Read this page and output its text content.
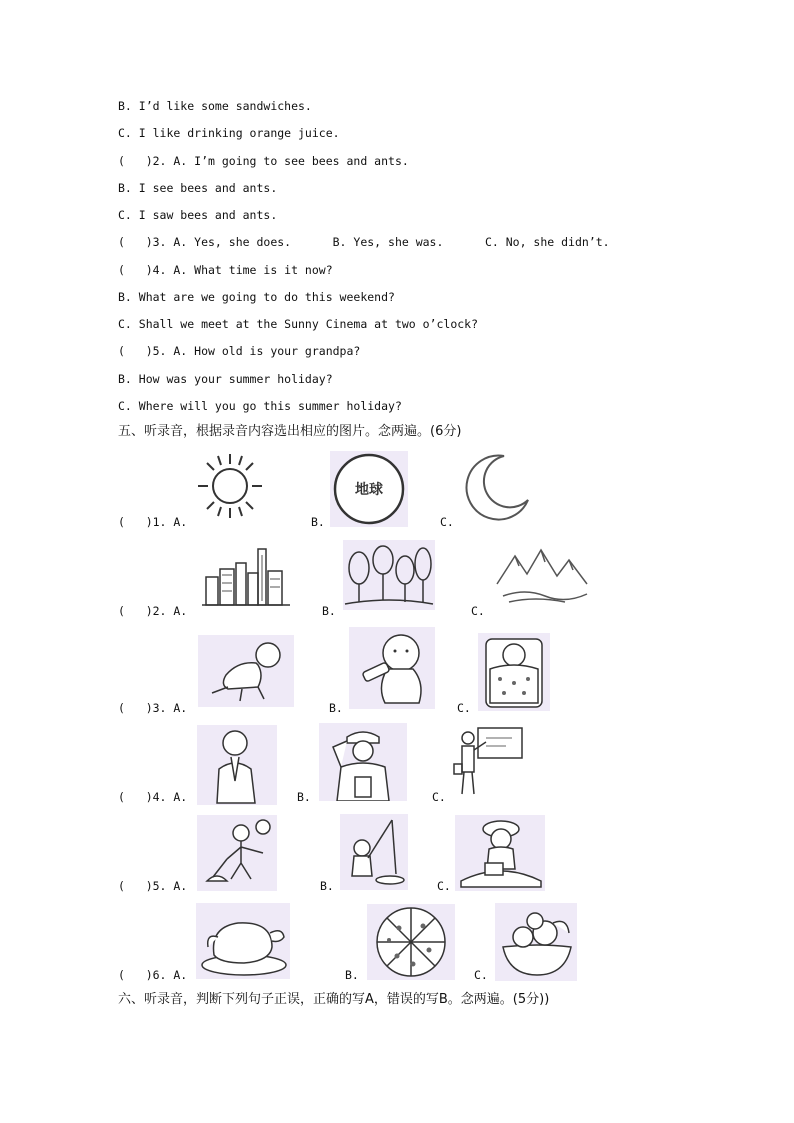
B. I’d like some sandwiches.
C. I like drinking orange juice.
(   )2. A. I’m going to see bees and ants.
B. I see bees and ants.
C. I saw bees and ants.
(   )3. A. Yes, she does.      B. Yes, she was.      C. No, she didn’t.
(   )4. A. What time is it now?
B. What are we going to do this weekend?
C. Shall we meet at the Sunny Cinema at two o’clock?
(   )5. A. How old is your grandpa?
B. How was your summer holiday?
C. Where will you go this summer holiday?
五、听录音，根据录音内容选出相应的图片。念两遍。(6分)
(   )1. A.	B.
地球
C.
(   )2. A.	B.	C.
(   )3. A.	B.	C.
(   )4. A.	B.	C.
(   )5. A.	B.	C.
(   )6. A.	B.	C.
六、听录音，判断下列句子正误，正确的写A，错误的写B。念两遍。(5分))
